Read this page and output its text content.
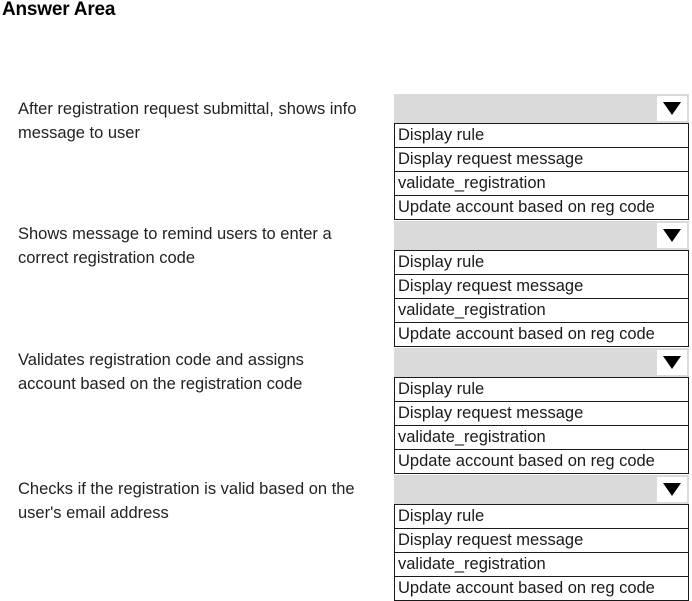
Answer Area
After registration request submittal, shows info message to user	Display rule
Display request message
validate_registration
Update account based on reg code
Shows message to remind users to enter a correct registration code	Display rule
Display request message
validate_registration
Update account based on reg code
Validates registration code and assigns account based on the registration code	Display rule
Display request message
validate_registration
Update account based on reg code
Checks if the registration is valid based on the user's email address	Display rule
Display request message
validate_registration
Update account based on reg code
